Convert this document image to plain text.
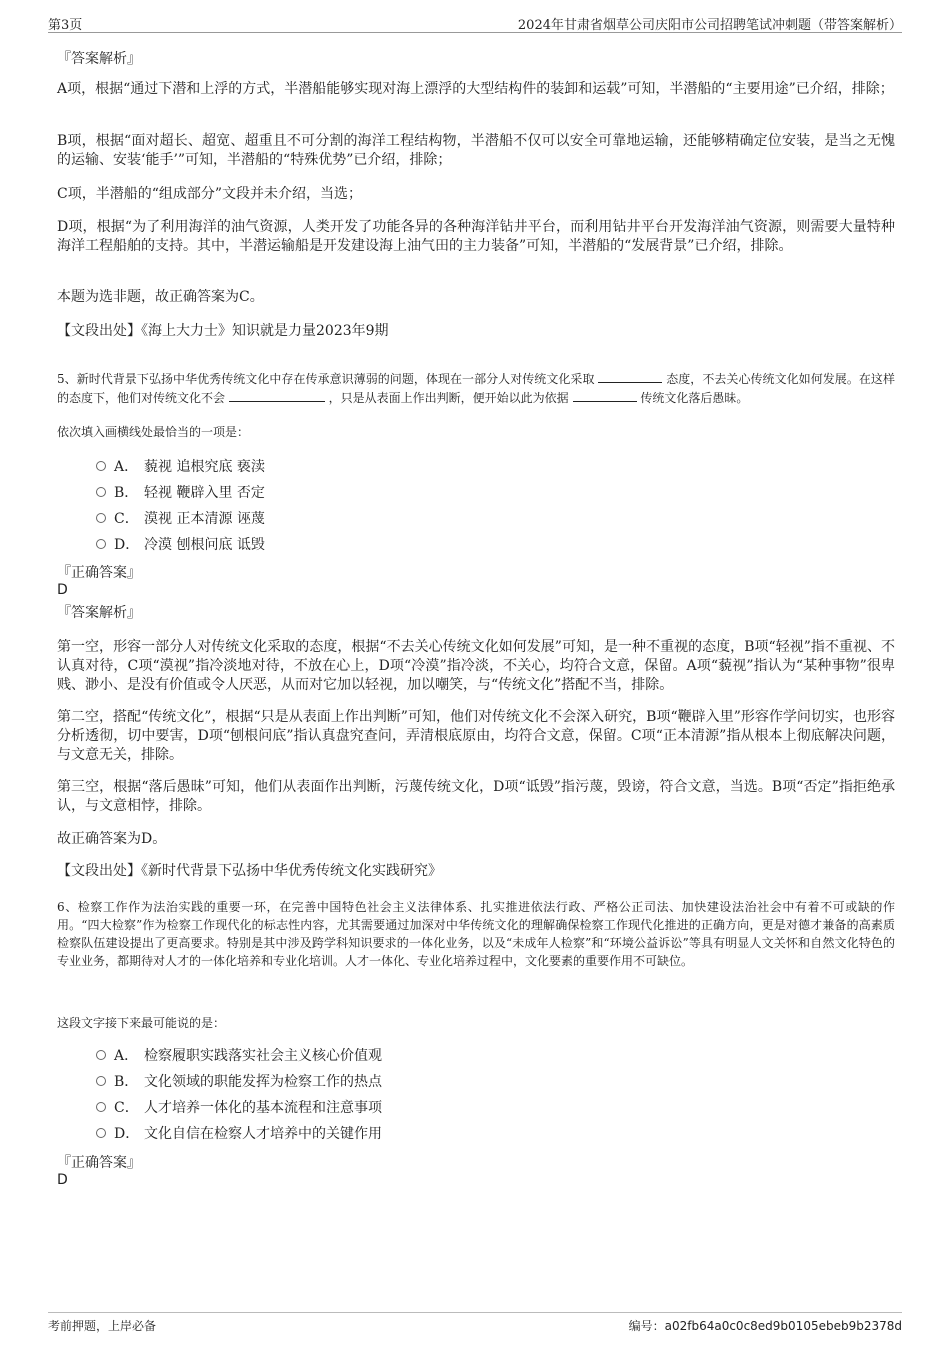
第3页	2024年甘肃省烟草公司庆阳市公司招聘笔试冲刺题（带答案解析）
『答案解析』

A项，根据“通过下潜和上浮的方式，半潜船能够实现对海上漂浮的大型结构件的装卸和运载”可知，半潜船的“主要用途”已介绍，排除；

B项，根据“面对超长、超宽、超重且不可分割的海洋工程结构物，半潜船不仅可以安全可靠地运输，还能够精确定位安装，是当之无愧的运输、安装‘能手’”可知，半潜船的“特殊优势”已介绍，排除；

C项，半潜船的“组成部分”文段并未介绍，当选；

D项，根据“为了利用海洋的油气资源，人类开发了功能各异的各种海洋钻井平台，而利用钻井平台开发海洋油气资源，则需要大量特种海洋工程船舶的支持。其中，半潜运输船是开发建设海上油气田的主力装备”可知，半潜船的“发展背景”已介绍，排除。

本题为选非题，故正确答案为C。

【文段出处】《海上大力士》知识就是力量2023年9期

5、新时代背景下弘扬中华优秀传统文化中存在传承意识薄弱的问题，体现在一部分人对传统文化采取	态度，不去关心传统文化如何发展。在这样的态度下，他们对传统文化不会	，只是从表面上作出判断，便开始以此为依据	传统文化落后愚昧。

依次填入画横线处最恰当的一项是：

A． 藐视 追根究底 亵渎
B． 轻视 鞭辟入里 否定
C． 漠视 正本清源 诬蔑
D． 冷漠 刨根问底 诋毁
『正确答案』
D
『答案解析』

第一空，形容一部分人对传统文化采取的态度，根据“不去关心传统文化如何发展”可知，是一种不重视的态度，B项“轻视”指不重视、不认真对待，C项“漠视”指冷淡地对待，不放在心上，D项“冷漠”指冷淡，不关心，均符合文意，保留。A项“藐视”指认为“某种事物”很卑贱、渺小、是没有价值或令人厌恶，从而对它加以轻视，加以嘲笑，与“传统文化”搭配不当，排除。

第二空，搭配“传统文化”，根据“只是从表面上作出判断”可知，他们对传统文化不会深入研究，B项“鞭辟入里”形容作学问切实，也形容分析透彻，切中要害，D项“刨根问底”指认真盘究查问，弄清根底原由，均符合文意，保留。C项“正本清源”指从根本上彻底解决问题，与文意无关，排除。

第三空，根据“落后愚昧”可知，他们从表面作出判断，污蔑传统文化，D项“诋毁”指污蔑，毁谤，符合文意，当选。B项“否定”指拒绝承认，与文意相悖，排除。

故正确答案为D。

【文段出处】《新时代背景下弘扬中华优秀传统文化实践研究》

6、检察工作作为法治实践的重要一环，在完善中国特色社会主义法律体系、扎实推进依法行政、严格公正司法、加快建设法治社会中有着不可或缺的作用。“四大检察”作为检察工作现代化的标志性内容，尤其需要通过加深对中华传统文化的理解确保检察工作现代化推进的正确方向，更是对德才兼备的高素质检察队伍建设提出了更高要求。特别是其中涉及跨学科知识要求的一体化业务，以及“未成年人检察”和“环境公益诉讼”等具有明显人文关怀和自然文化特色的专业业务，都期待对人才的一体化培养和专业化培训。人才一体化、专业化培养过程中，文化要素的重要作用不可缺位。

这段文字接下来最可能说的是：

A． 检察履职实践落实社会主义核心价值观
B． 文化领域的职能发挥为检察工作的热点
C． 人才培养一体化的基本流程和注意事项
D． 文化自信在检察人才培养中的关键作用
『正确答案』
D
考前押题，上岸必备	编号：a02fb64a0c0c8ed9b0105ebeb9b2378d
